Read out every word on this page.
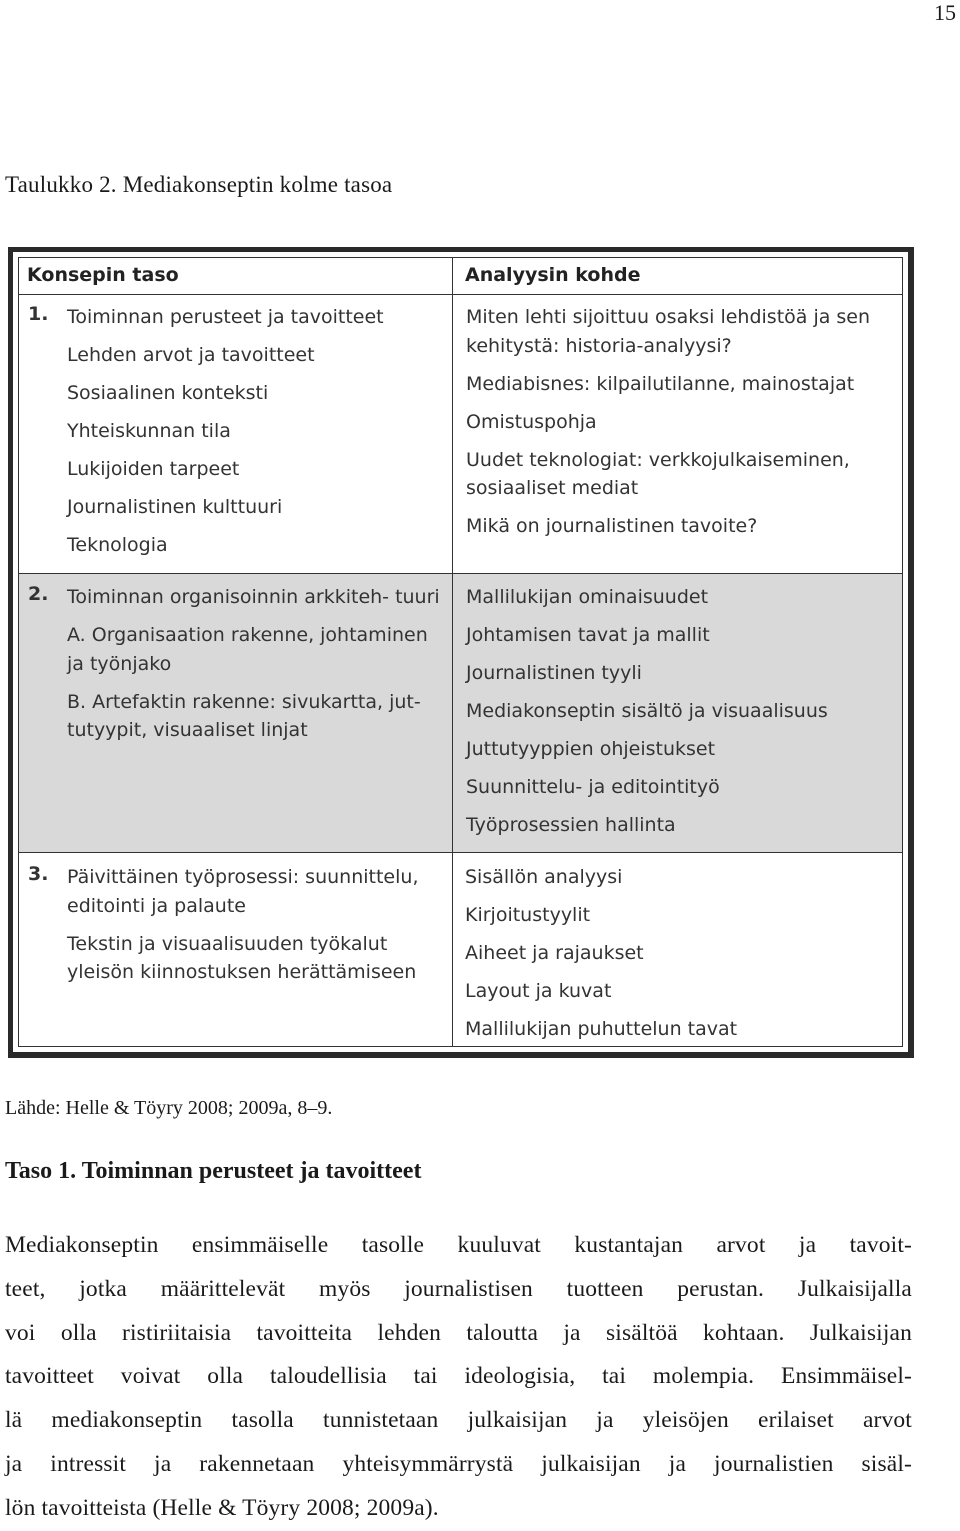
15
Taulukko 2. Mediakonseptin kolme tasoa
Konsepin taso	Analyysin kohde
1. Toiminnan perusteet ja tavoitteet
Lehden arvot ja tavoitteet
Sosiaalinen konteksti
Yhteiskunnan tila
Lukijoiden tarpeet
Journalistinen kulttuuri
Teknologia
Miten lehti sijoittuu osaksi lehdistöä ja sen kehitystä: historia-analyysi?
Mediabisnes: kilpailutilanne, mainostajat
Omistuspohja
Uudet teknologiat: verkkojulkaiseminen, sosiaaliset mediat
Mikä on journalistinen tavoite?
2. Toiminnan organisoinnin arkkiteh- tuuri
A. Organisaation rakenne, johtaminen ja työnjako
B. Artefaktin rakenne: sivukartta, jut- tutyypit, visuaaliset linjat
Mallilukijan ominaisuudet
Johtamisen tavat ja mallit
Journalistinen tyyli
Mediakonseptin sisältö ja visuaalisuus
Juttutyyppien ohjeistukset
Suunnittelu- ja editointityö
Työprosessien hallinta
3. Päivittäinen työprosessi: suunnittelu, editointi ja palaute
Tekstin ja visuaalisuuden työkalut yleisön kiinnostuksen herättämiseen
Sisällön analyysi
Kirjoitustyylit
Aiheet ja rajaukset
Layout ja kuvat
Mallilukijan puhuttelun tavat
Lähde: Helle & Töyry 2008; 2009a, 8–9.
Taso 1. Toiminnan perusteet ja tavoitteet
Mediakonseptin ensimmäiselle tasolle kuuluvat kustantajan arvot ja tavoit-
teet, jotka määrittelevät myös journalistisen tuotteen perustan. Julkaisijalla
voi olla ristiriitaisia tavoitteita lehden taloutta ja sisältöä kohtaan. Julkaisijan
tavoitteet voivat olla taloudellisia tai ideologisia, tai molempia. Ensimmäisel-
lä mediakonseptin tasolla tunnistetaan julkaisijan ja yleisöjen erilaiset arvot
ja intressit ja rakennetaan yhteisymmärrystä julkaisijan ja journalistien sisäl-
lön tavoitteista (Helle & Töyry 2008; 2009a).
